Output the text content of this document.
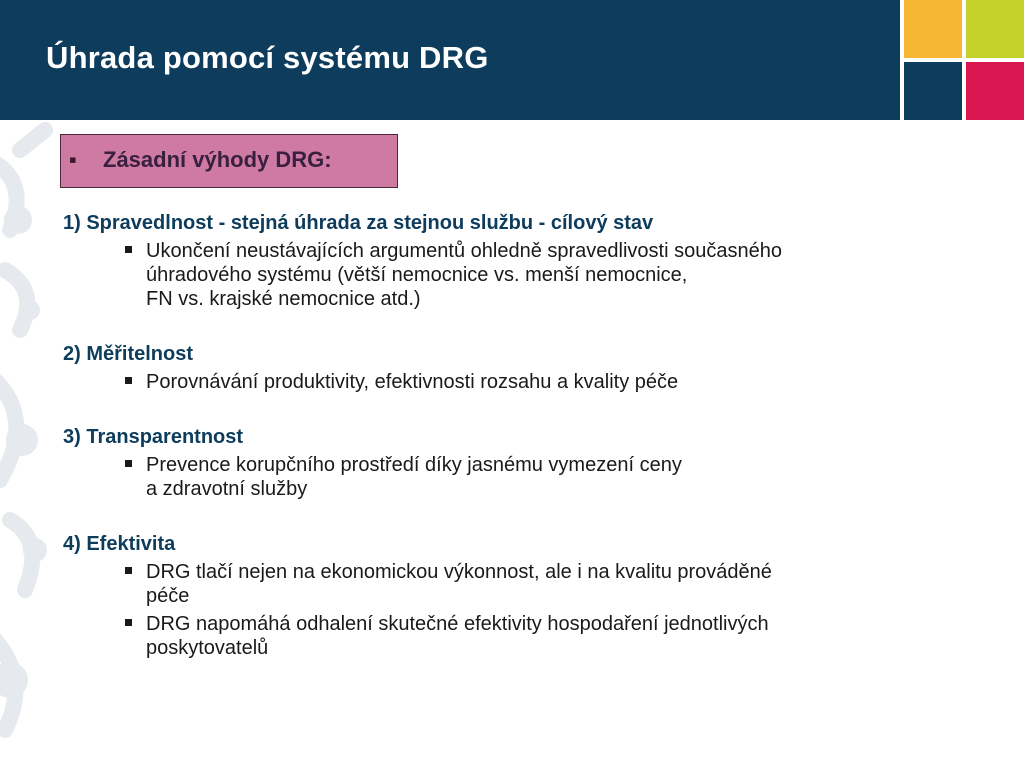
Úhrada pomocí systému DRG
▪ Zásadní výhody DRG:
1) Spravedlnost - stejná úhrada za stejnou službu - cílový stav
Ukončení neustávajících argumentů ohledně spravedlivosti současného
úhradového systému (větší nemocnice vs. menší nemocnice,
FN vs. krajské nemocnice atd.)
2) Měřitelnost
Porovnávání produktivity, efektivnosti rozsahu a kvality péče
3) Transparentnost
Prevence korupčního prostředí díky jasnému vymezení ceny
a zdravotní služby
4) Efektivita
DRG tlačí nejen na ekonomickou výkonnost, ale i na kvalitu prováděné
péče
DRG napomáhá odhalení skutečné efektivity hospodaření jednotlivých
poskytovatelů
